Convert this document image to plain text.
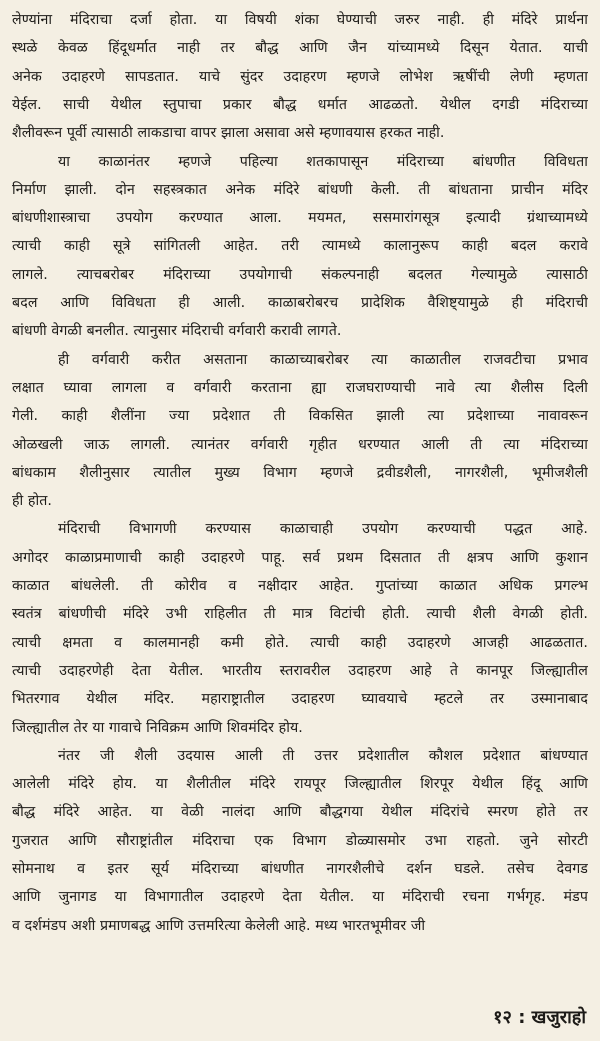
लेण्यांना मंदिराचा दर्जा होता. या विषयी शंका घेण्याची जरुर नाही. ही मंदिरे प्रार्थना
स्थळे केवळ हिंदूधर्मात नाही तर बौद्ध आणि जैन यांच्यामध्ये दिसून येतात. याची
अनेक उदाहरणे सापडतात. याचे सुंदर उदाहरण म्हणजे लोभेश ऋषींची लेणी म्हणता
येईल. साची येथील स्तुपाचा प्रकार बौद्ध धर्मात आढळतो. येथील दगडी मंदिराच्या
शैलीवरून पूर्वी त्यासाठी लाकडाचा वापर झाला असावा असे म्हणावयास हरकत नाही.
या काळानंतर म्हणजे पहिल्या शतकापासून मंदिराच्या बांधणीत विविधता
निर्माण झाली. दोन सहस्त्रकात अनेक मंदिरे बांधणी केली. ती बांधताना प्राचीन मंदिर
बांधणीशास्त्राचा उपयोग करण्यात आला. मयमत, ससमारांगसूत्र इत्यादी ग्रंथाच्यामध्ये
त्याची काही सूत्रे सांगितली आहेत. तरी त्यामध्ये कालानुरूप काही बदल करावे
लागले. त्याचबरोबर मंदिराच्या उपयोगाची संकल्पनाही बदलत गेल्यामुळे त्यासाठी
बदल आणि विविधता ही आली. काळाबरोबरच प्रादेशिक वैशिष्ट्यामुळे ही मंदिराची
बांधणी वेगळी बनलीत. त्यानुसार मंदिराची वर्गवारी करावी लागते.
ही वर्गवारी करीत असताना काळाच्याबरोबर त्या काळातील राजवटीचा प्रभाव
लक्षात घ्यावा लागला व वर्गवारी करताना ह्या राजघराण्याची नावे त्या शैलीस दिली
गेली. काही शैलींना ज्या प्रदेशात ती विकसित झाली त्या प्रदेशाच्या नावावरून
ओळखली जाऊ लागली. त्यानंतर वर्गवारी गृहीत धरण्यात आली ती त्या मंदिराच्या
बांधकाम शैलीनुसार त्यातील मुख्य विभाग म्हणजे द्रवीडशैली, नागरशैली, भूमीजशैली
ही होत.
मंदिराची विभागणी करण्यास काळाचाही उपयोग करण्याची पद्धत आहे.
अगोदर काळाप्रमाणाची काही उदाहरणे पाहू. सर्व प्रथम दिसतात ती क्षत्रप आणि कुशान
काळात बांधलेली. ती कोरीव व नक्षीदार आहेत. गुप्तांच्या काळात अधिक प्रगल्भ
स्वतंत्र बांधणीची मंदिरे उभी राहिलीत ती मात्र विटांची होती. त्याची शैली वेगळी होती.
त्याची क्षमता व कालमानही कमी होते. त्याची काही उदाहरणे आजही आढळतात.
त्याची उदाहरणेही देता येतील. भारतीय स्तरावरील उदाहरण आहे ते कानपूर जिल्ह्यातील
भितरगाव येथील मंदिर. महाराष्ट्रातील उदाहरण घ्यावयाचे म्हटले तर उस्मानाबाद
जिल्ह्यातील तेर या गावाचे निविक्रम आणि शिवमंदिर होय.
नंतर जी शैली उदयास आली ती उत्तर प्रदेशातील कौशल प्रदेशात बांधण्यात
आलेली मंदिरे होय. या शैलीतील मंदिरे रायपूर जिल्ह्यातील शिरपूर येथील हिंदू आणि
बौद्ध मंदिरे आहेत. या वेळी नालंदा आणि बौद्धगया येथील मंदिरांचे स्मरण होते तर
गुजरात आणि सौराष्ट्रांतील मंदिराचा एक विभाग डोळ्यासमोर उभा राहतो. जुने सोरटी
सोमनाथ व इतर सूर्य मंदिराच्या बांधणीत नागरशैलीचे दर्शन घडले. तसेच देवगड
आणि जुनागड या विभागातील उदाहरणे देता येतील. या मंदिराची रचना गर्भगृह. मंडप
व दर्शमंडप अशी प्रमाणबद्ध आणि उत्तमरित्या केलेली आहे. मध्य भारतभूमीवर जी
१२ : खजुराहो
